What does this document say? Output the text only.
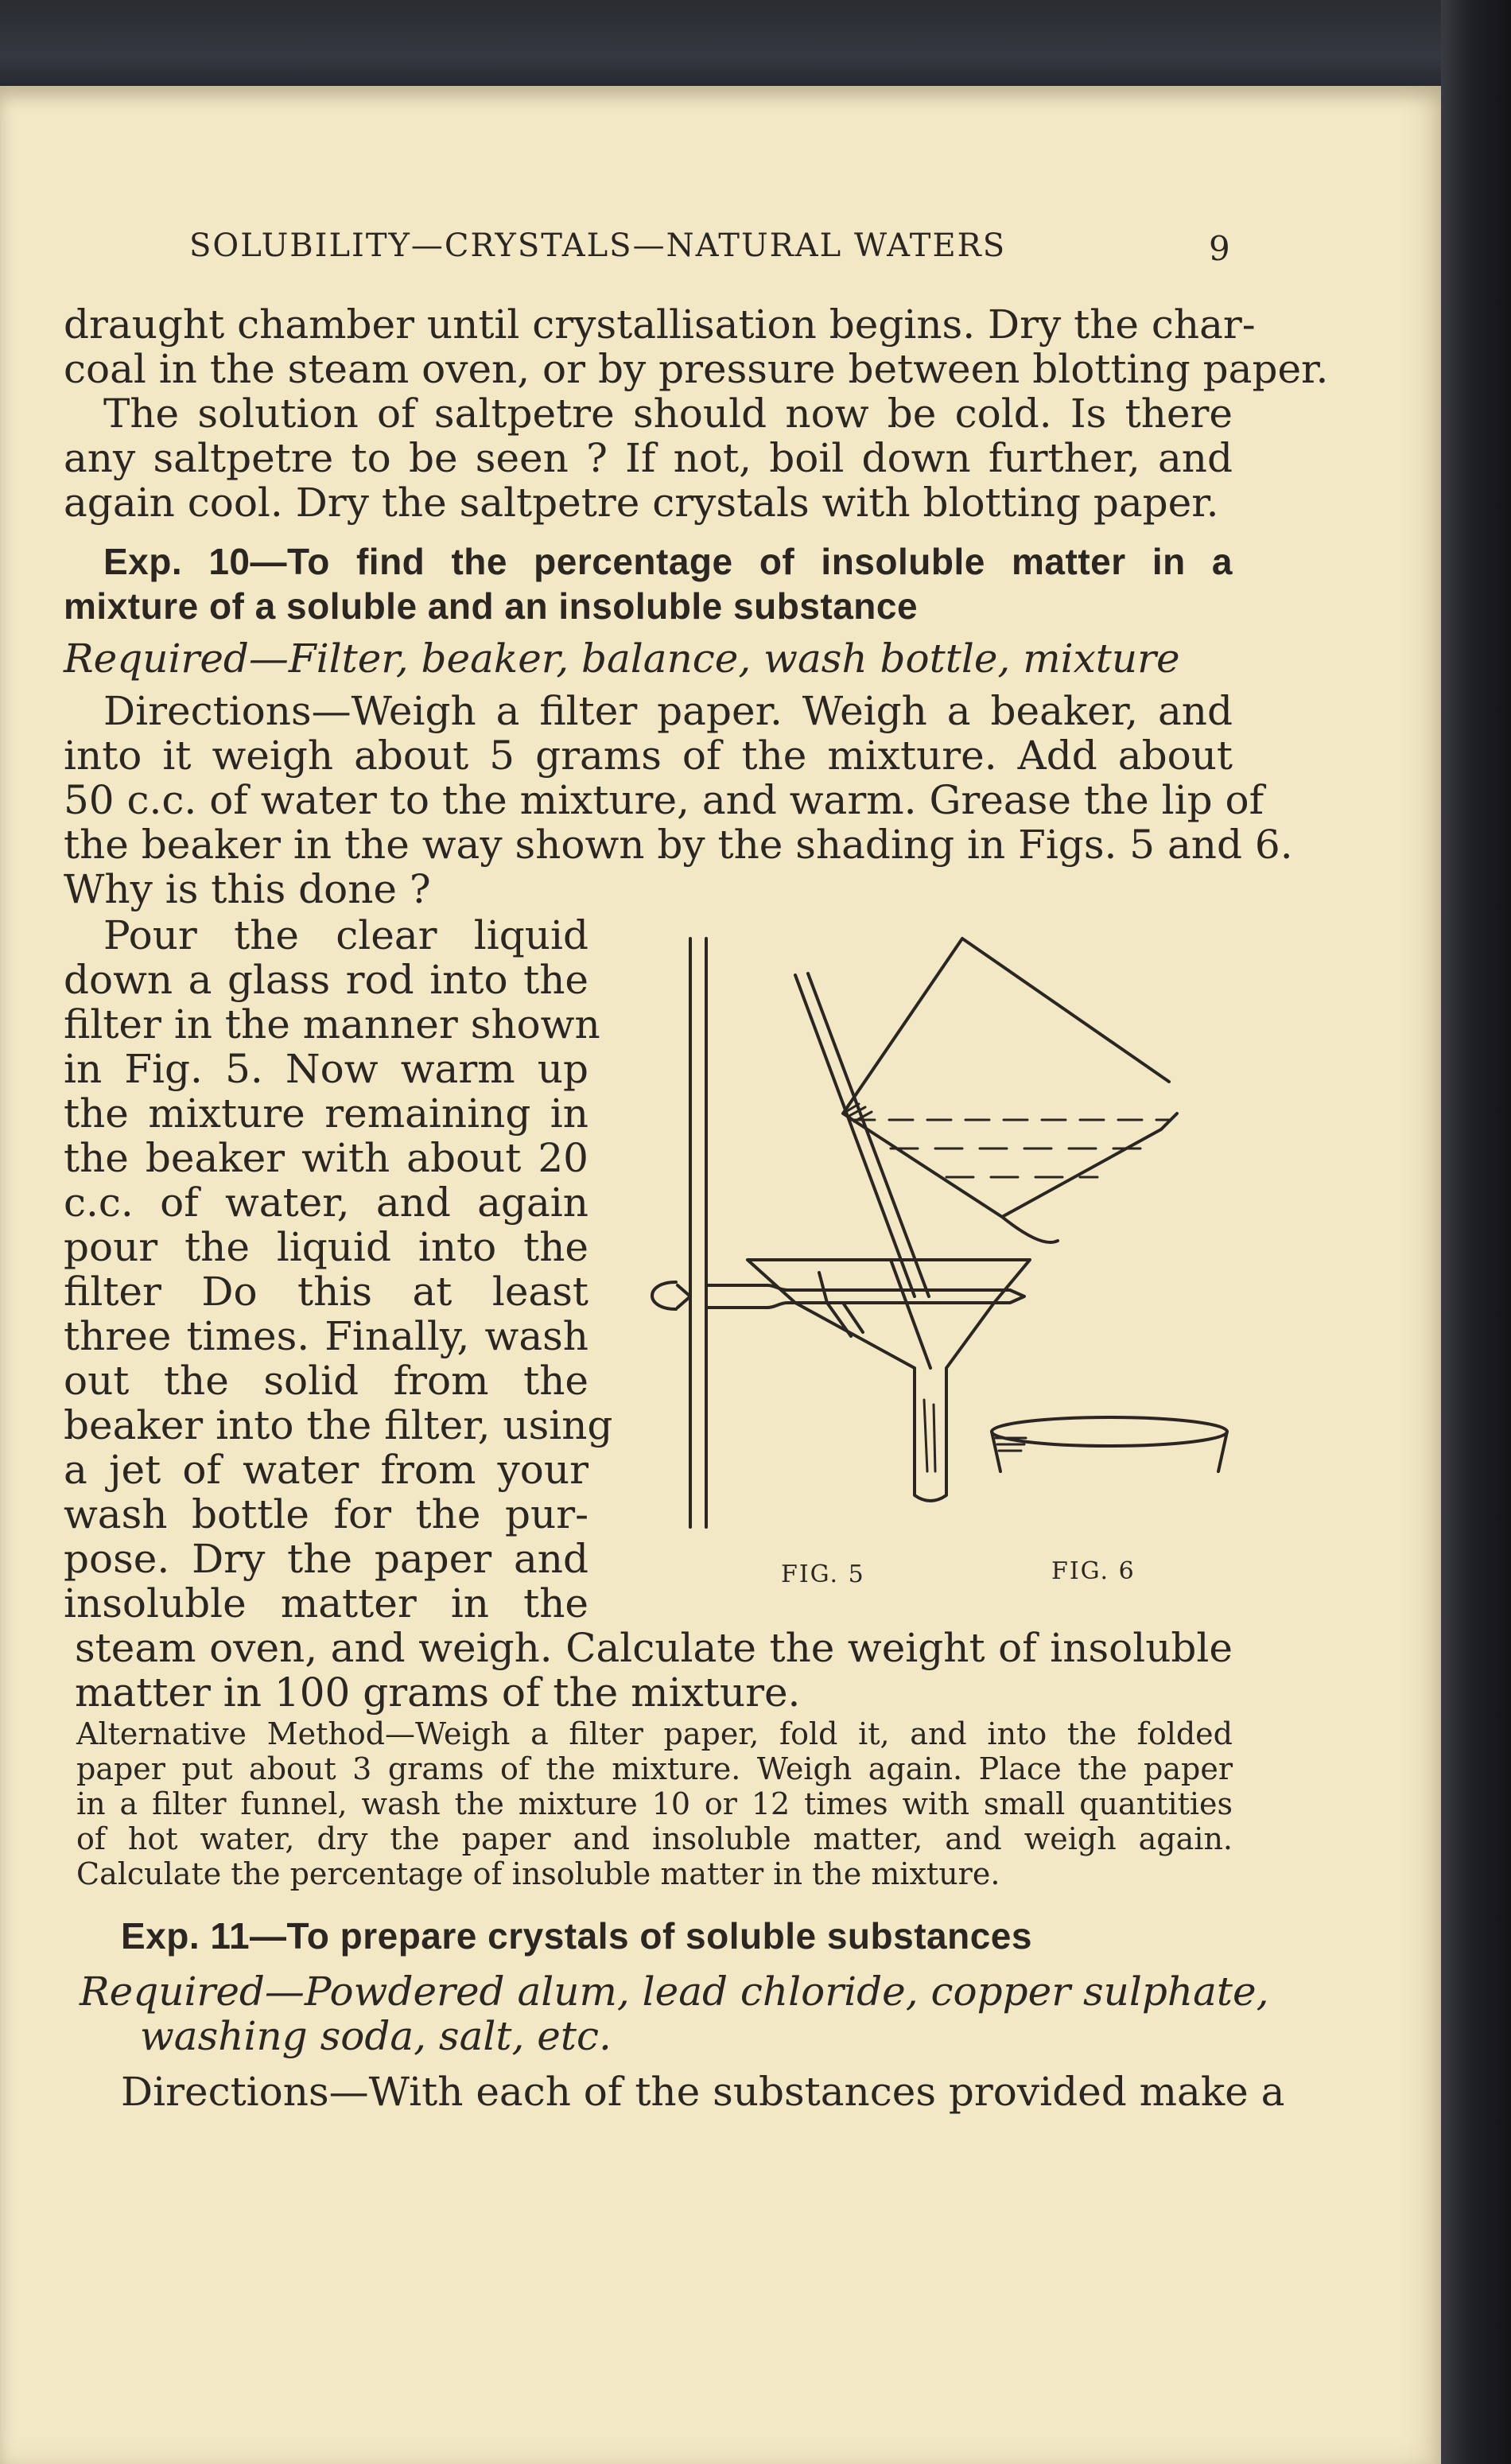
SOLUBILITY—CRYSTALS—NATURAL WATERS	9
draught chamber until crystallisation begins. Dry the char-
coal in the steam oven, or by pressure between blotting paper.
The solution of saltpetre should now be cold. Is there
any saltpetre to be seen ? If not, boil down further, and
again cool. Dry the saltpetre crystals with blotting paper.
Exp. 10—To find the percentage of insoluble matter in a
mixture of a soluble and an insoluble substance
Required—Filter, beaker, balance, wash bottle, mixture
Directions—Weigh a filter paper. Weigh a beaker, and
into it weigh about 5 grams of the mixture. Add about
50 c.c. of water to the mixture, and warm. Grease the lip of
the beaker in the way shown by the shading in Figs. 5 and 6.
Why is this done ?
Pour the clear liquid
down a glass rod into the
filter in the manner shown
in Fig. 5. Now warm up
the mixture remaining in
the beaker with about 20
c.c. of water, and again
pour the liquid into the
filter Do this at least
three times. Finally, wash
out the solid from the
beaker into the filter, using
a jet of water from your
wash bottle for the pur-
pose. Dry the paper and
insoluble matter in the
FIG. 5	FIG. 6
steam oven, and weigh. Calculate the weight of insoluble
matter in 100 grams of the mixture.
Alternative Method—Weigh a filter paper, fold it, and into the folded
paper put about 3 grams of the mixture. Weigh again. Place the paper
in a filter funnel, wash the mixture 10 or 12 times with small quantities
of hot water, dry the paper and insoluble matter, and weigh again.
Calculate the percentage of insoluble matter in the mixture.
Exp. 11—To prepare crystals of soluble substances
Required—Powdered alum, lead chloride, copper sulphate,
washing soda, salt, etc.
Directions—With each of the substances provided make a
